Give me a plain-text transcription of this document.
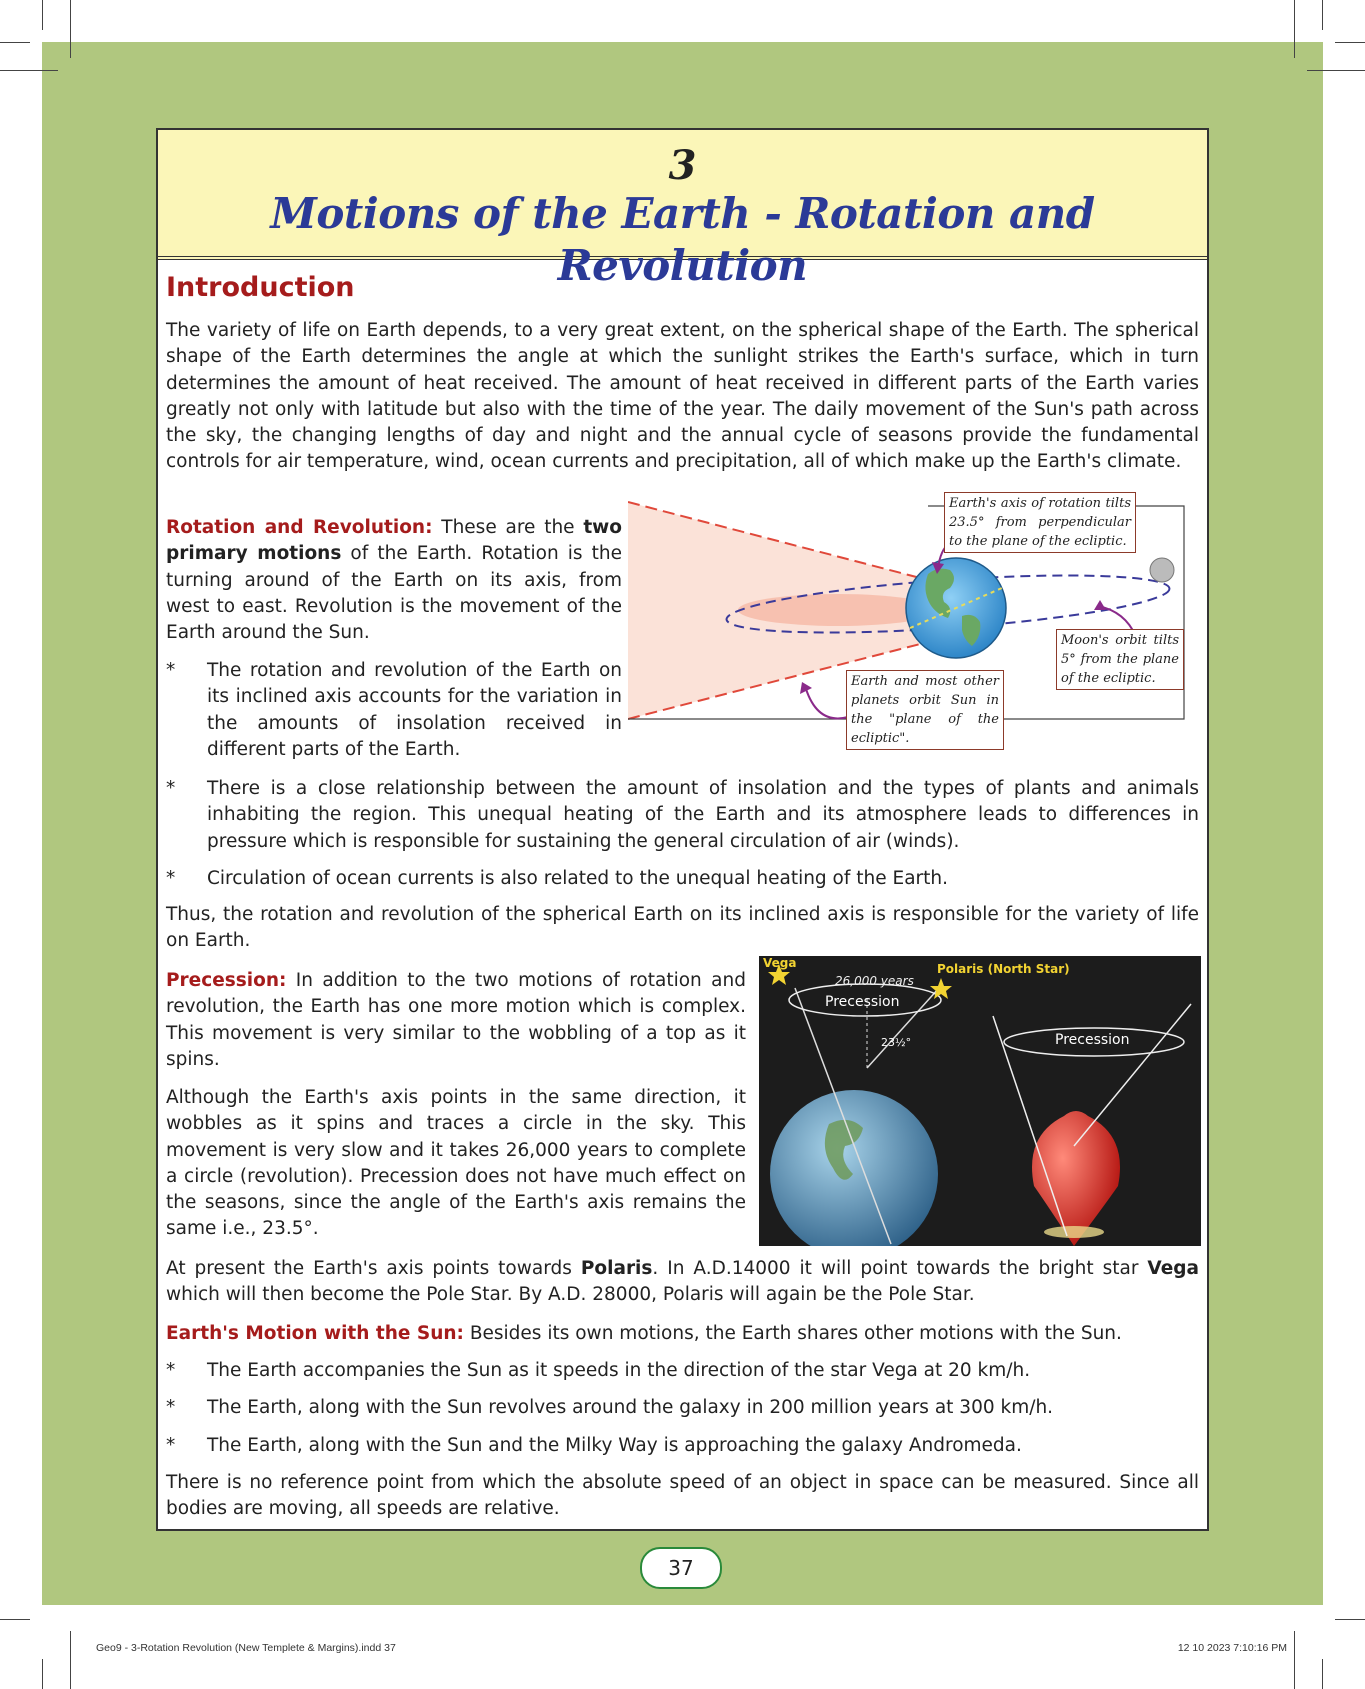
3
Motions of the Earth - Rotation and Revolution
Introduction

The variety of life on Earth depends, to a very great extent, on the spherical shape of the Earth. The spherical shape of the Earth determines the angle at which the sunlight strikes the Earth's surface, which in turn determines the amount of heat received. The amount of heat received in different parts of the Earth varies greatly not only with latitude but also with the time of the year. The daily movement of the Sun's path across the sky, the changing lengths of day and night and the annual cycle of seasons provide the fundamental controls for air temperature, wind, ocean currents and precipitation, all of which make up the Earth's climate.

Rotation and Revolution: These are the two primary motions of the Earth. Rotation is the turning around of the Earth on its axis, from west to east. Revolution is the movement of the Earth around the Sun.

* The rotation and revolution of the Earth on its inclined axis accounts for the variation in the amounts of insolation received in different parts of the Earth.
Earth's axis of rotation tilts 23.5° from perpendicular to the plane of the ecliptic.
Moon's orbit tilts 5° from the plane of the ecliptic.
Earth and most other planets orbit Sun in the "plane of the ecliptic".
* There is a close relationship between the amount of insolation and the types of plants and animals inhabiting the region. This unequal heating of the Earth and its atmosphere leads to differences in pressure which is responsible for sustaining the general circulation of air (winds).
* Circulation of ocean currents is also related to the unequal heating of the Earth.

Thus, the rotation and revolution of the spherical Earth on its inclined axis is responsible for the variety of life on Earth.

Precession: In addition to the two motions of rotation and revolution, the Earth has one more motion which is complex. This movement is very similar to the wobbling of a top as it spins.

Although the Earth's axis points in the same direction, it wobbles as it spins and traces a circle in the sky. This movement is very slow and it takes 26,000 years to complete a circle (revolution). Precession does not have much effect on the seasons, since the angle of the Earth's axis remains the same i.e., 23.5°.

Vega	Polaris (North Star)
26,000 years
Precession
Precession
23½°

At present the Earth's axis points towards Polaris. In A.D.14000 it will point towards the bright star Vega which will then become the Pole Star. By A.D. 28000, Polaris will again be the Pole Star.

Earth's Motion with the Sun: Besides its own motions, the Earth shares other motions with the Sun.

* The Earth accompanies the Sun as it speeds in the direction of the star Vega at 20 km/h.
* The Earth, along with the Sun revolves around the galaxy in 200 million years at 300 km/h.
* The Earth, along with the Sun and the Milky Way is approaching the galaxy Andromeda.

There is no reference point from which the absolute speed of an object in space can be measured. Since all bodies are moving, all speeds are relative.

37
Geo9 - 3-Rotation Revolution (New Templete & Margins).indd 37	12 10 2023 7:10:16 PM
